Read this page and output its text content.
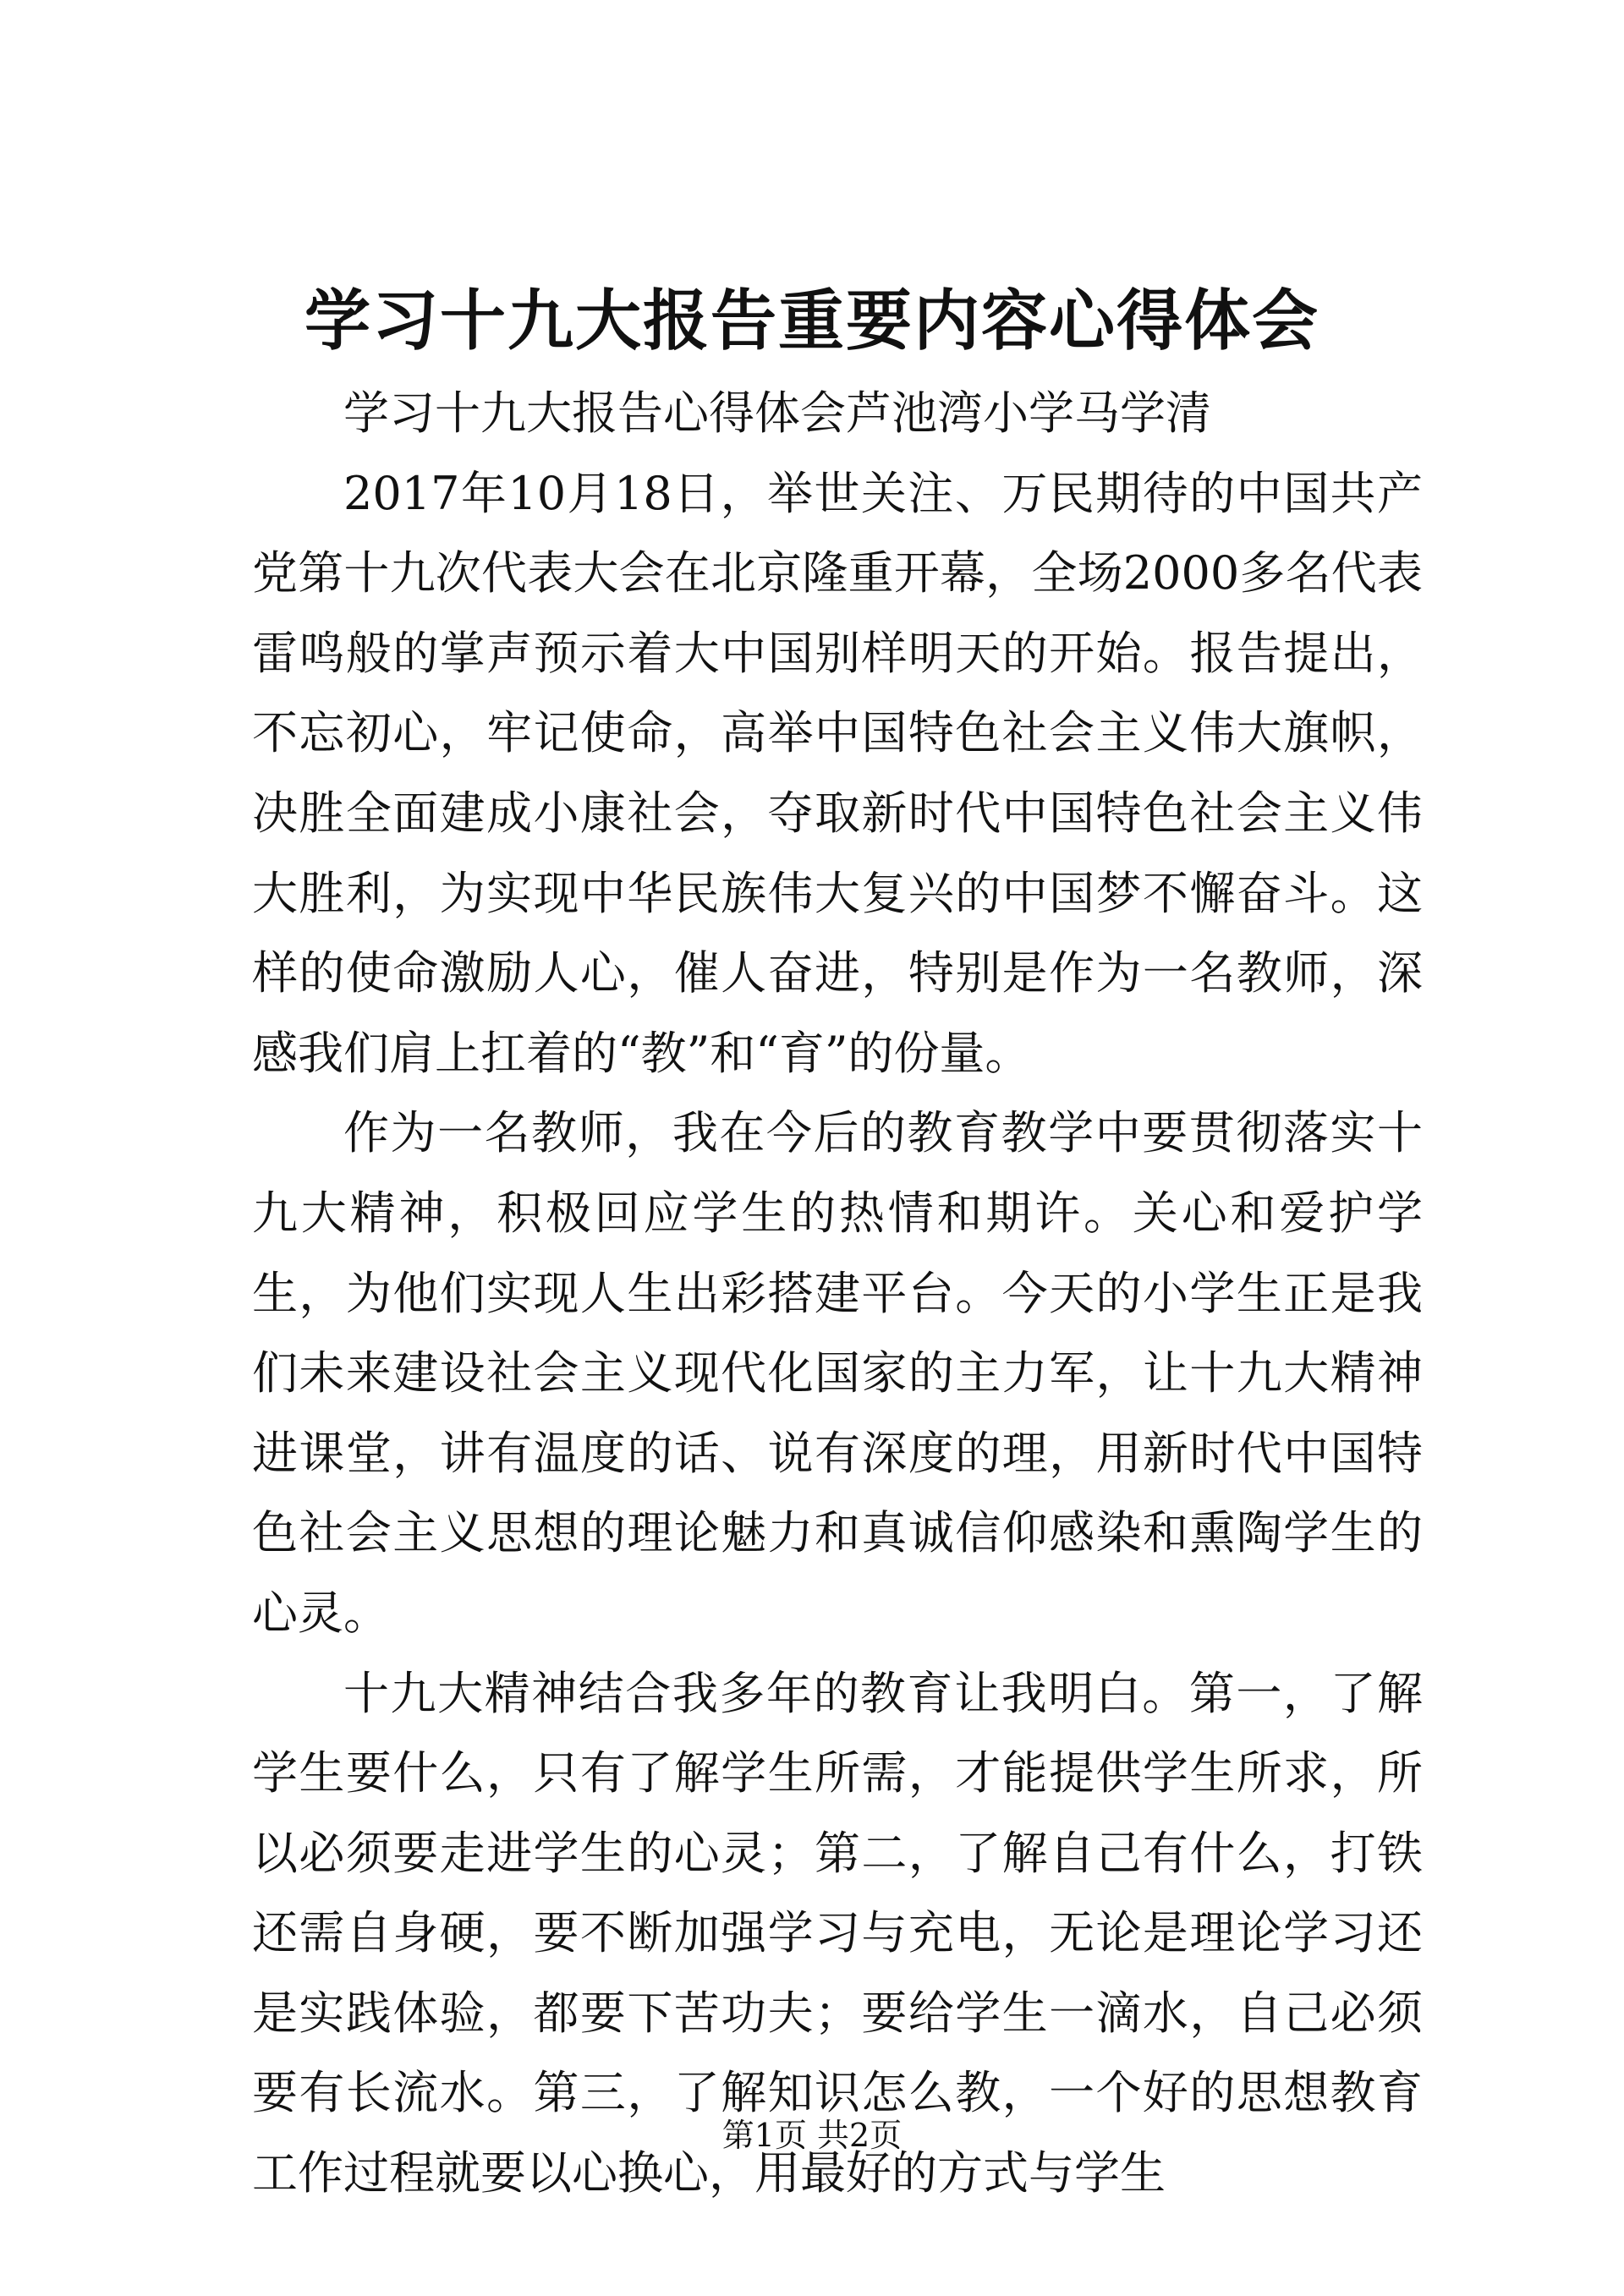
学习十九大报告重要内容心得体会

学习十九大报告心得体会芦池湾小学马学清

2017年10月18日，举世关注、万民期待的中国共产党第十九次代表大会在北京隆重开幕，全场2000多名代表雷鸣般的掌声预示着大中国别样明天的开始。报告提出，不忘初心，牢记使命，高举中国特色社会主义伟大旗帜，决胜全面建成小康社会，夺取新时代中国特色社会主义伟大胜利，为实现中华民族伟大复兴的中国梦不懈奋斗。这样的使命激励人心，催人奋进，特别是作为一名教师，深感我们肩上扛着的“教”和“育”的份量。

作为一名教师，我在今后的教育教学中要贯彻落实十九大精神，积极回应学生的热情和期许。关心和爱护学生，为他们实现人生出彩搭建平台。今天的小学生正是我们未来建设社会主义现代化国家的主力军，让十九大精神进课堂，讲有温度的话、说有深度的理，用新时代中国特色社会主义思想的理论魅力和真诚信仰感染和熏陶学生的心灵。

十九大精神结合我多年的教育让我明白。第一，了解学生要什么，只有了解学生所需，才能提供学生所求，所以必须要走进学生的心灵；第二，了解自己有什么，打铁还需自身硬，要不断加强学习与充电，无论是理论学习还是实践体验，都要下苦功夫；要给学生一滴水，自己必须要有长流水。第三，了解知识怎么教，一个好的思想教育工作过程就要以心换心，用最好的方式与学生

第1页 共2页
